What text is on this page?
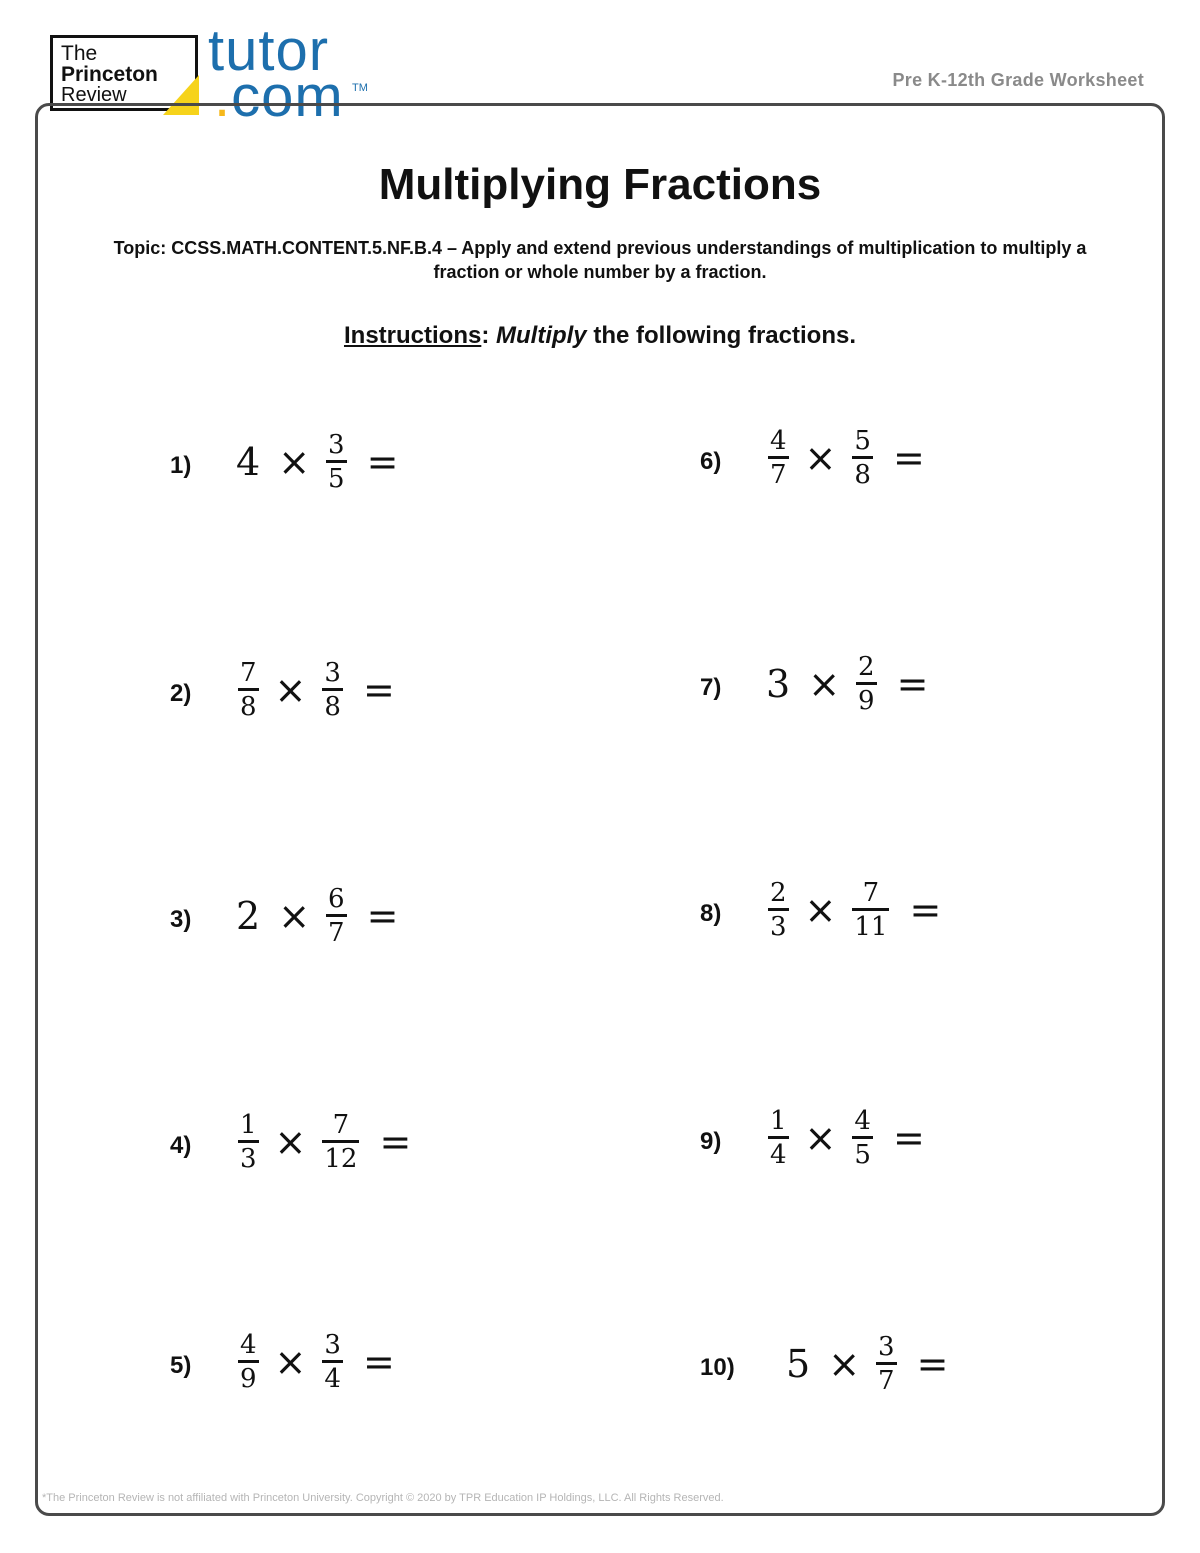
The
Princeton
Review
tutor
.com TM	Pre K-12th Grade Worksheet
Multiplying Fractions
Topic: CCSS.MATH.CONTENT.5.NF.B.4 – Apply and extend previous understandings of multiplication to multiply a fraction or whole number by a fraction.
Instructions: Multiply the following fractions.
1)	$4 \times \frac{3}{5}$ =
2)	$\frac{7}{8} \times \frac{3}{8}$ =
3)	$2 \times \frac{6}{7}$ =
4)	$\frac{1}{3} \times \frac{7}{12}$ =
5)	$\frac{4}{9} \times \frac{3}{4}$ =
6)	$\frac{4}{7} \times \frac{5}{8}$ =
7)	$3 \times \frac{2}{9}$ =
8)	$\frac{2}{3} \times \frac{7}{11}$ =
9)	$\frac{1}{4} \times \frac{4}{5}$ =
10)	$5 \times \frac{3}{7}$ =
*The Princeton Review is not affiliated with Princeton University. Copyright © 2020 by TPR Education IP Holdings, LLC. All Rights Reserved.
